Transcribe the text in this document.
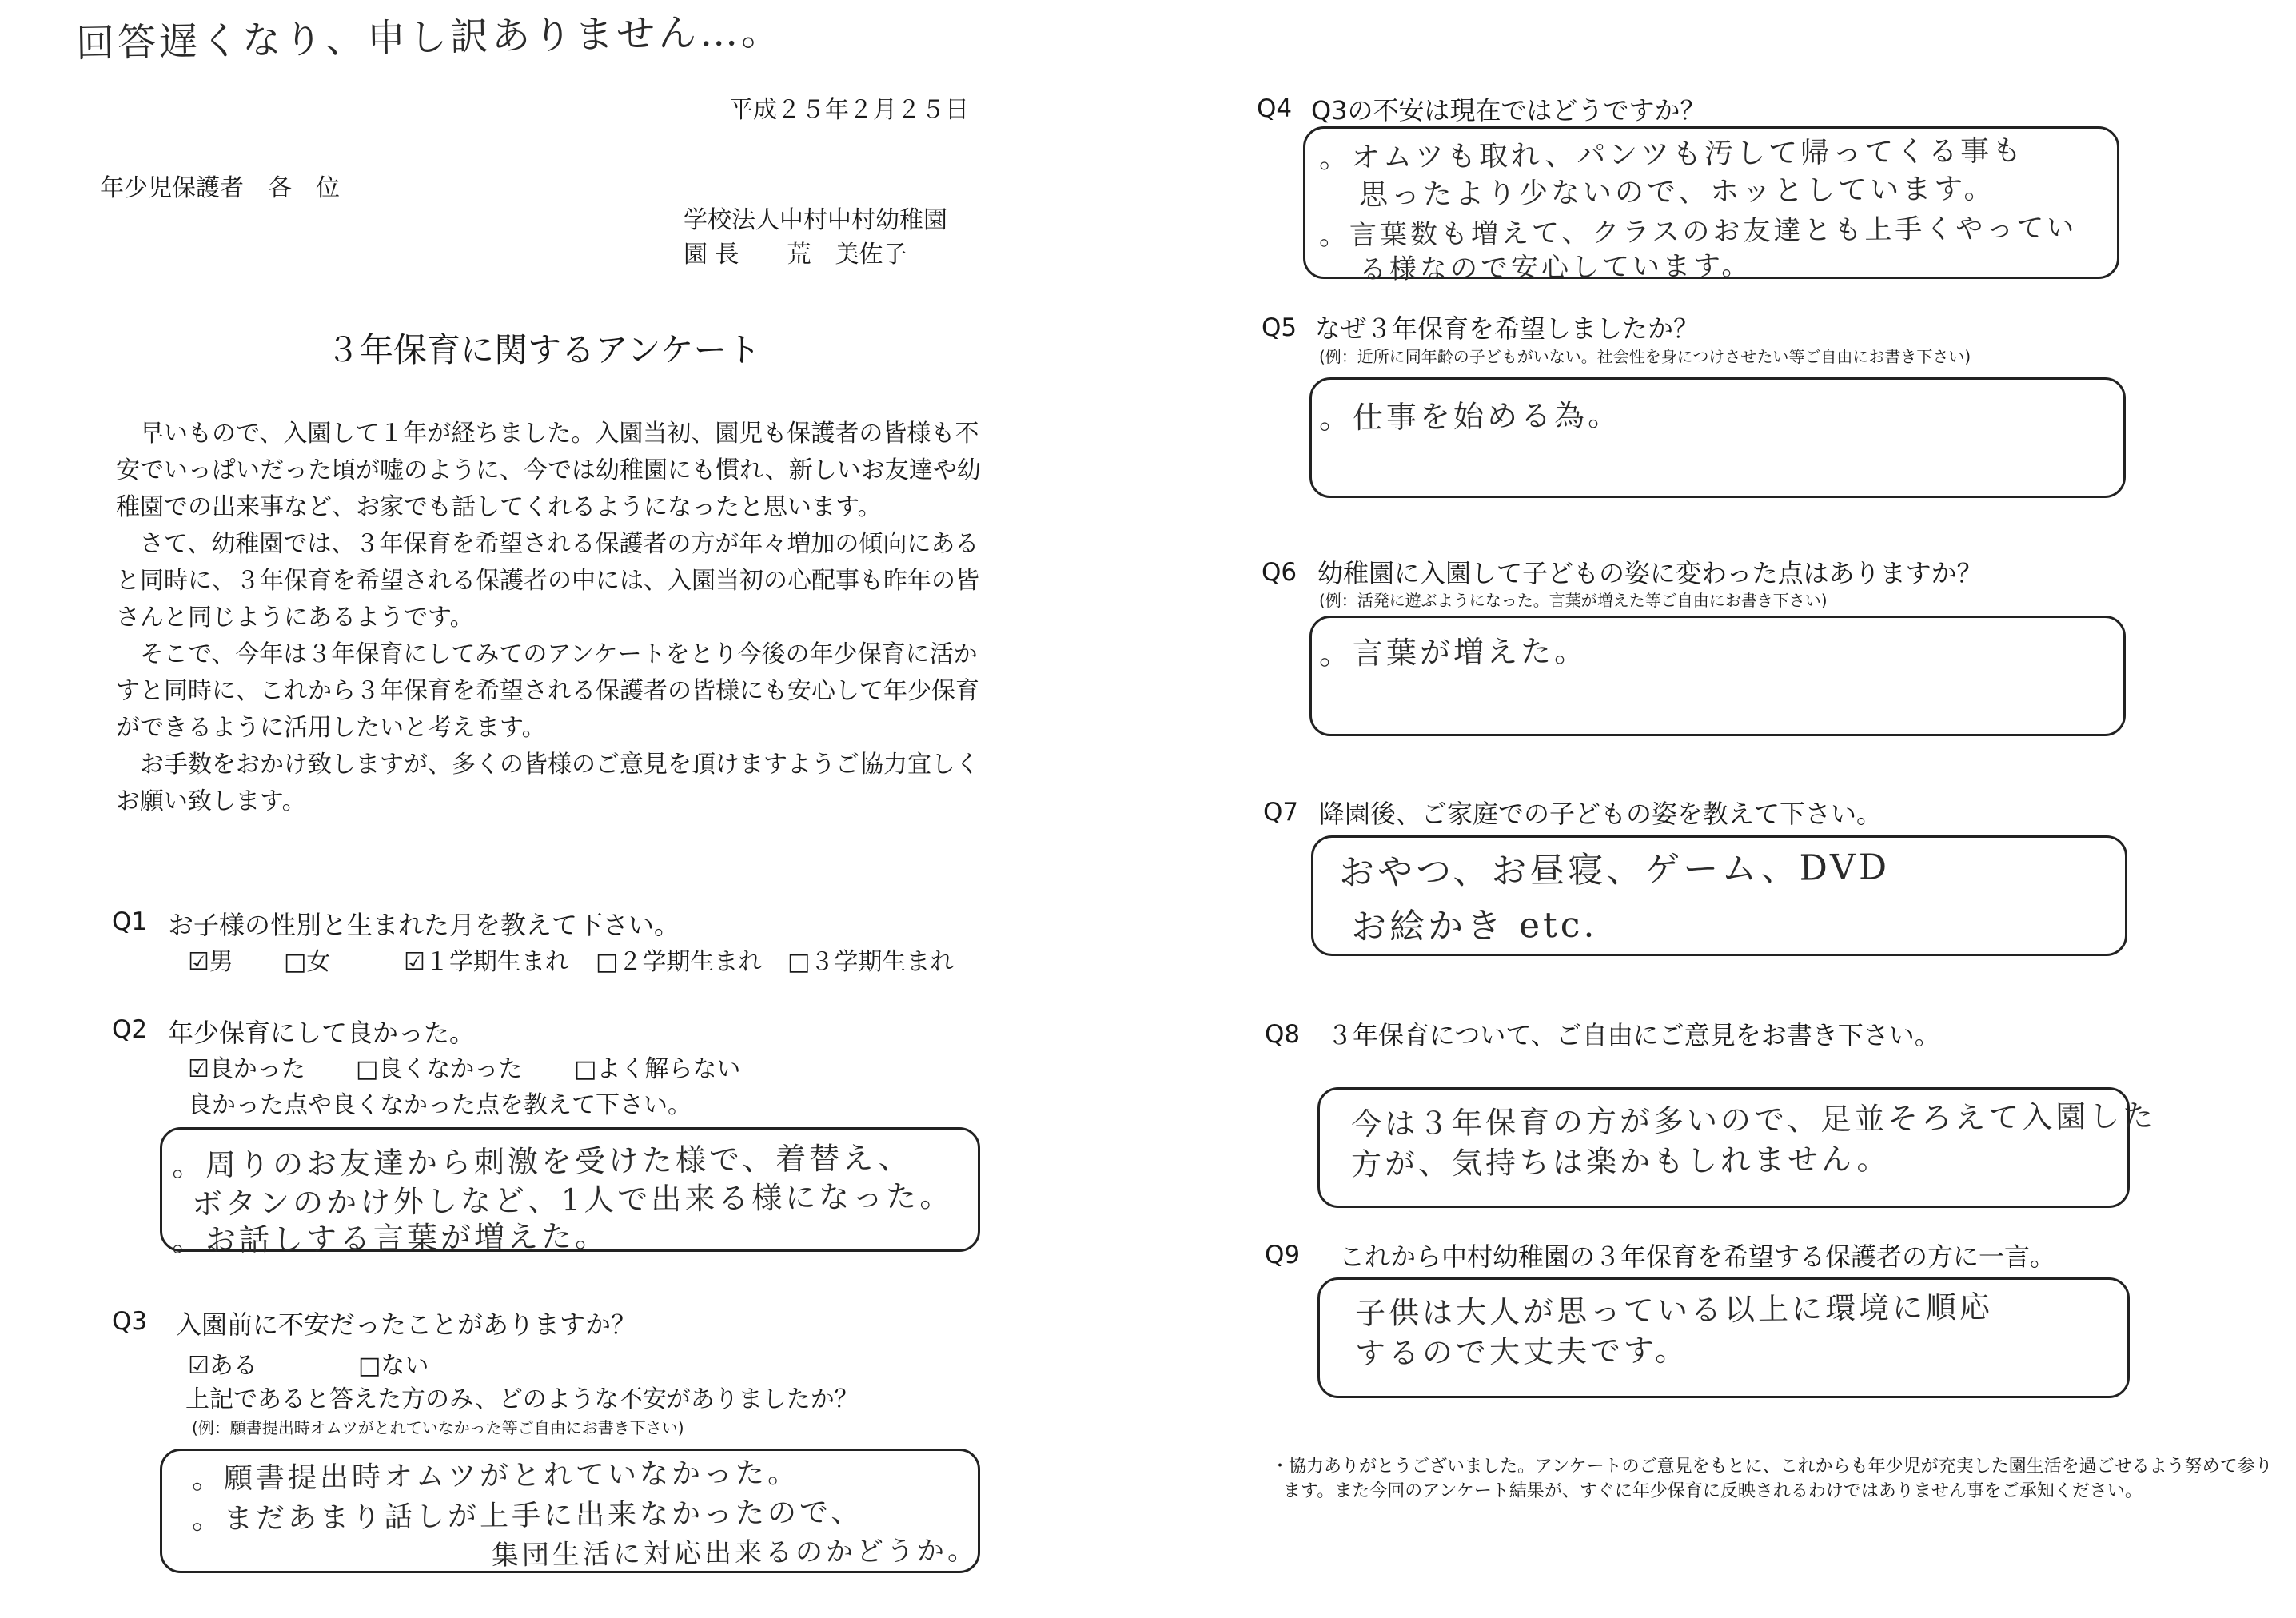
回答遅くなり、申し訳ありません…。
平成２５年２月２５日
年少児保護者　各　位
学校法人中村中村幼稚園
園 長　　荒　美佐子
３年保育に関するアンケート

　早いもので、入園して１年が経ちました。入園当初、園児も保護者の皆様も不安でいっぱいだった頃が嘘のように、今では幼稚園にも慣れ、新しいお友達や幼稚園での出来事など、お家でも話してくれるようになったと思います。

　さて、幼稚園では、３年保育を希望される保護者の方が年々増加の傾向にあると同時に、３年保育を希望される保護者の中には、入園当初の心配事も昨年の皆さんと同じようにあるようです。

　そこで、今年は３年保育にしてみてのアンケートをとり今後の年少保育に活かすと同時に、これから３年保育を希望される保護者の皆様にも安心して年少保育ができるように活用したいと考えます。

　お手数をおかけ致しますが、多くの皆様のご意見を頂けますようご協力宜しくお願い致します。

Q1 お子様の性別と生まれた月を教えて下さい。
☑男 □女	☑１学期生まれ □２学期生まれ □３学期生まれ
Q2 年少保育にして良かった。
☑良かった □良くなかった □よく解らない
良かった点や良くなかった点を教えて下さい。
。周りのお友達から刺激を受けた様で、着替え、
ボタンのかけ外しなど、1人で出来る様になった。
。お話しする言葉が増えた。
Q3 入園前に不安だったことがありますか？
☑ある	□ない
上記であると答えた方のみ、どのような不安がありましたか？
(例：願書提出時オムツがとれていなかった等ご自由にお書き下さい)
。願書提出時オムツがとれていなかった。
。まだあまり話しが上手に出来なかったので、
集団生活に対応出来るのかどうか。
Q4 Q3の不安は現在ではどうですか？
。オムツも取れ、パンツも汚して帰ってくる事も
思ったより少ないので、ホッとしています。
。言葉数も増えて、クラスのお友達とも上手くやってい
る様なので安心しています。
Q5 なぜ３年保育を希望しましたか？
(例：近所に同年齢の子どもがいない。社会性を身につけさせたい等ご自由にお書き下さい)
。仕事を始める為。
Q6 幼稚園に入園して子どもの姿に変わった点はありますか？
(例：活発に遊ぶようになった。言葉が増えた等ご自由にお書き下さい)
。言葉が増えた。
Q7 降園後、ご家庭での子どもの姿を教えて下さい。
おやつ、お昼寝、ゲーム、DVD
お絵かき etc.
Q8 ３年保育について、ご自由にご意見をお書き下さい。
今は３年保育の方が多いので、足並そろえて入園した
方が、気持ちは楽かもしれません。
Q9 これから中村幼稚園の３年保育を希望する保護者の方に一言。
子供は大人が思っている以上に環境に順応
するので大丈夫です。
・協力ありがとうございました。アンケートのご意見をもとに、これからも年少児が充実した園生活を過ごせるよう努めて参り
ます。また今回のアンケート結果が、すぐに年少保育に反映されるわけではありません事をご承知ください。
